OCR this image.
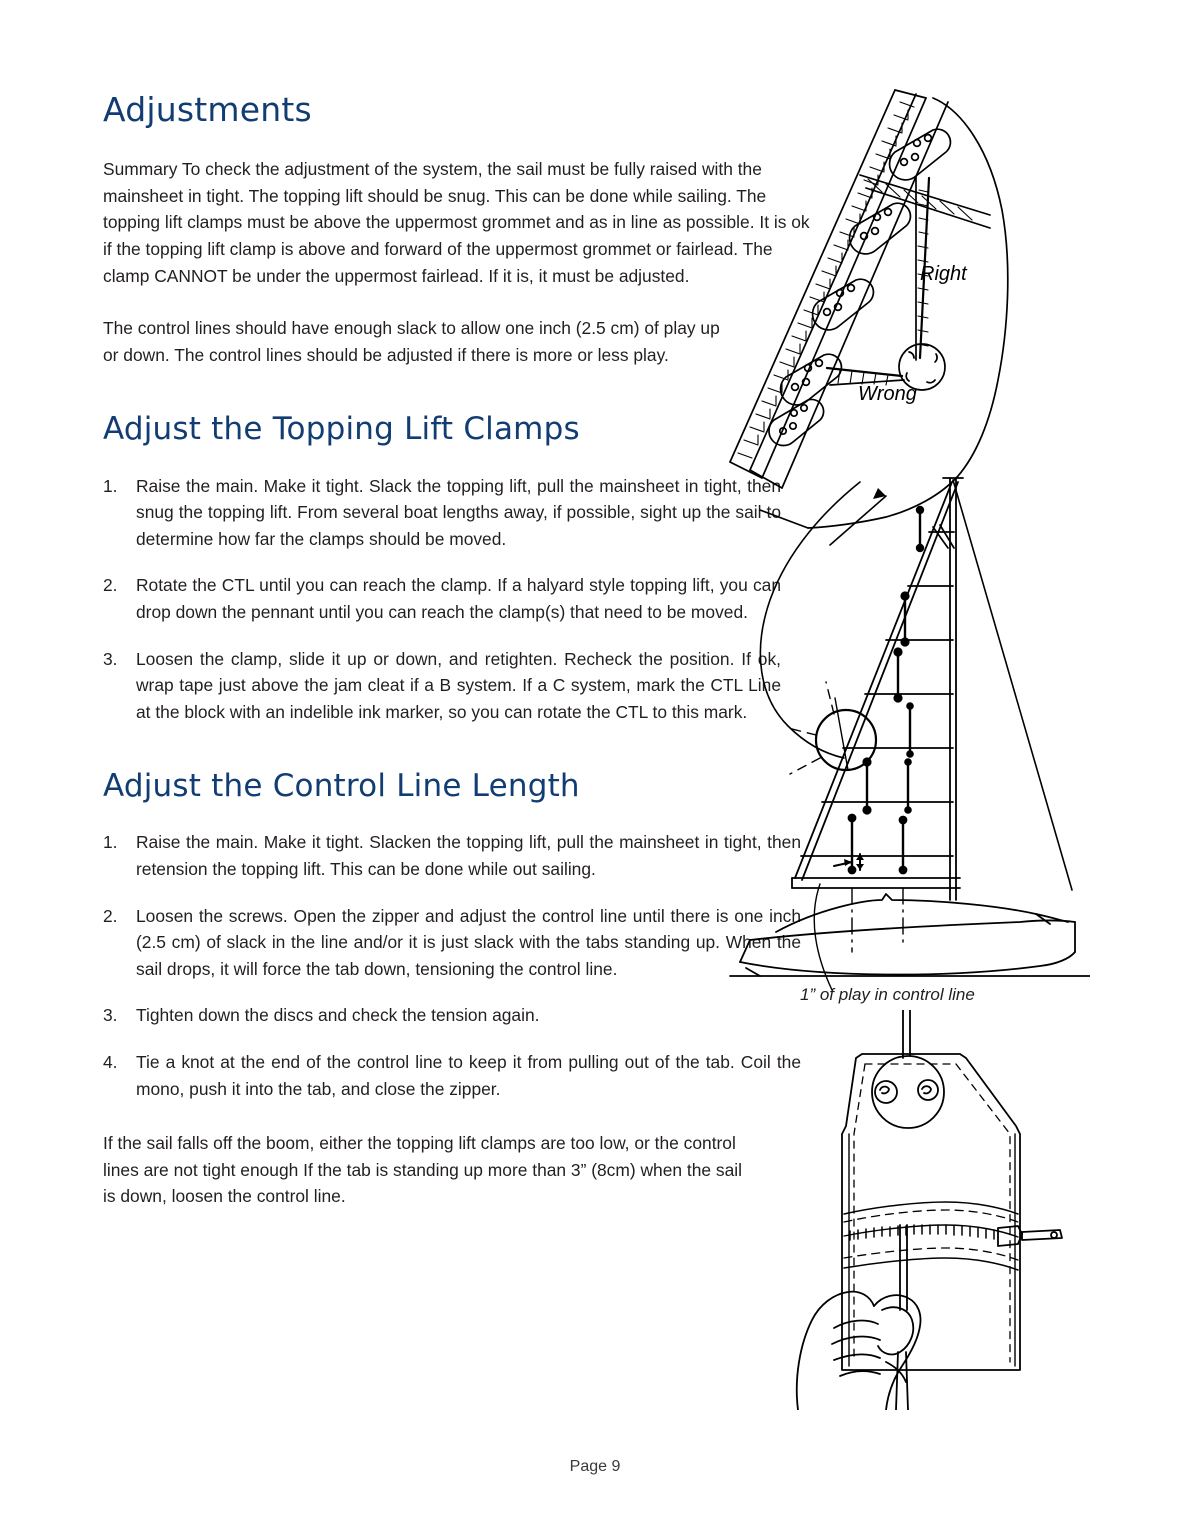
Adjustments

Summary To check the adjustment of the system, the sail must be fully raised with the mainsheet in tight. The topping lift should be snug. This can be done while sailing. The topping lift clamps must be above the uppermost grommet and as in line as possible. It is ok if the topping lift clamp is above and forward of the uppermost grommet or fairlead. The clamp CANNOT be under the uppermost fairlead. If it is, it must be adjusted.

The control lines should have enough slack to allow one inch (2.5 cm) of play up or down. The control lines should be adjusted if there is more or less play.

Adjust the Topping Lift Clamps
1.	Raise the main. Make it tight. Slack the topping lift, pull the mainsheet in tight, then snug the topping lift. From several boat lengths away, if possible, sight up the sail to determine how far the clamps should be moved.
2.	Rotate the CTL until you can reach the clamp. If a halyard style topping lift, you can drop down the pennant until you can reach the clamp(s) that need to be moved.
3.	Loosen the clamp, slide it up or down, and retighten. Recheck the position. If ok, wrap tape just above the jam cleat if a B system. If a C system, mark the CTL Line at the block with an indelible ink marker, so you can rotate the CTL to this mark.
Adjust the Control Line Length
1.	Raise the main. Make it tight. Slacken the topping lift, pull the mainsheet in tight, then retension the topping lift. This can be done while out sailing.
2.	Loosen the screws. Open the zipper and adjust the control line until there is one inch (2.5 cm) of slack in the line and/or it is just slack with the tabs standing up. When the sail drops, it will force the tab down, tensioning the control line.
3.	Tighten down the discs and check the tension again.
4.	Tie a knot at the end of the control line to keep it from pulling out of the tab. Coil the mono, push it into the tab, and close the zipper.

If the sail falls off the boom, either the topping lift clamps are too low, or the control lines are not tight enough If the tab is standing up more than 3” (8cm) when the sail is down, loosen the control line.

Right
Wrong
1” of play in control line
Page 9
